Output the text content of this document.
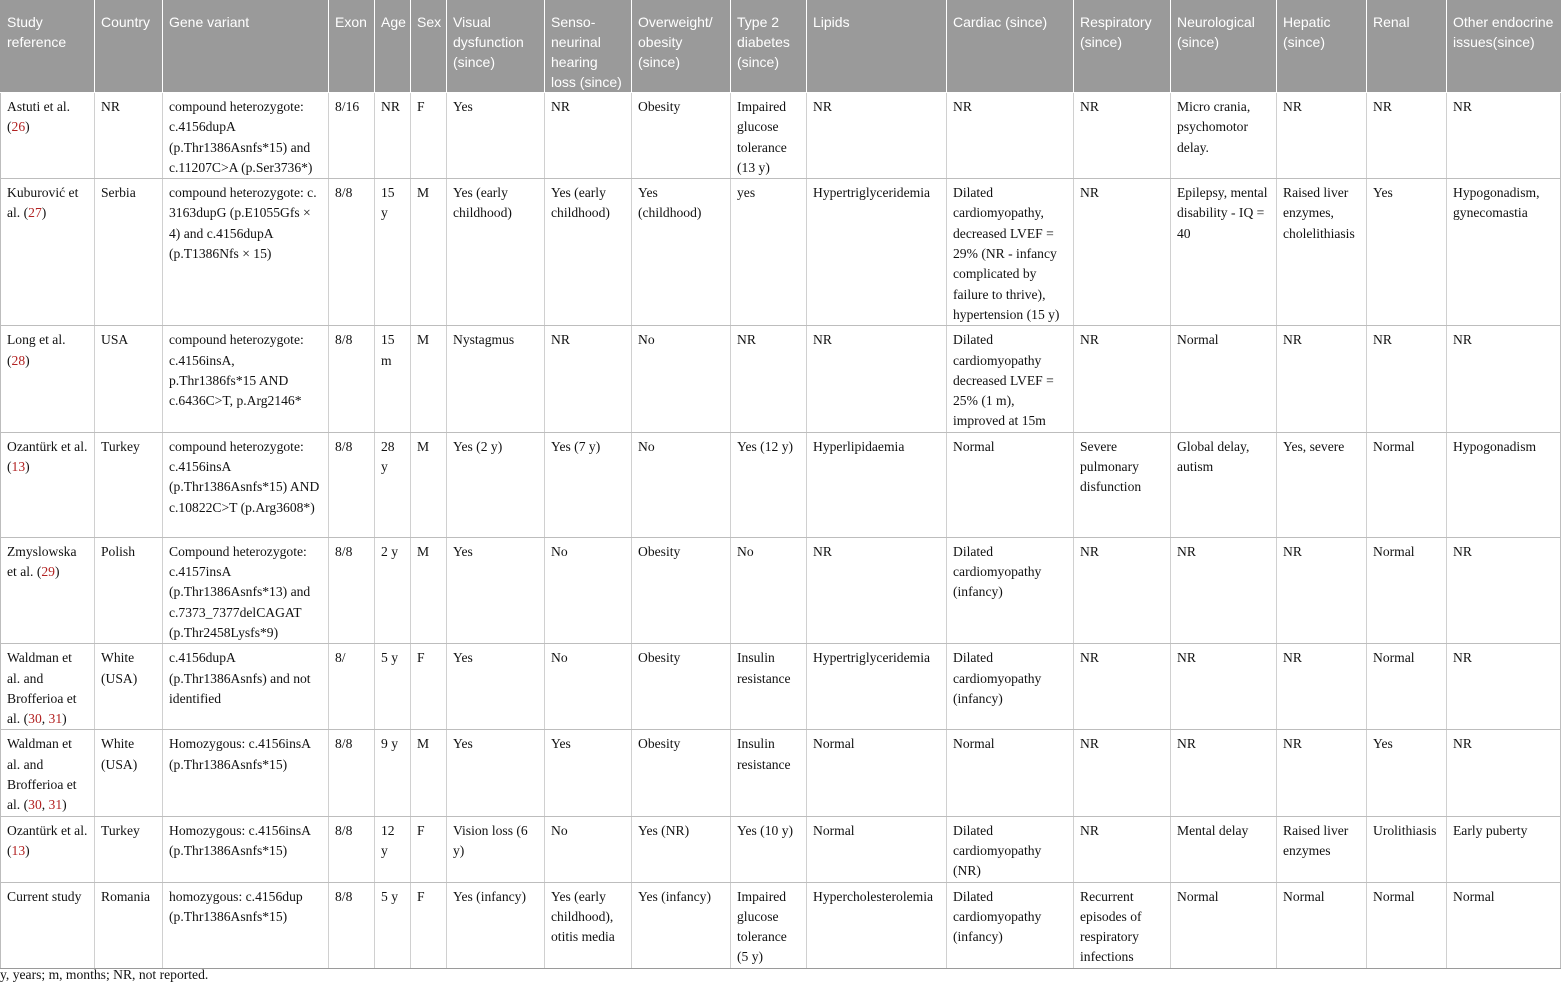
Study reference	Country	Gene variant	Exon	Age	Sex	Visual dysfunction (since)	Senso-neurinal hearing loss (since)	Overweight/ obesity (since)	Type 2 diabetes (since)	Lipids	Cardiac (since)	Respiratory (since)	Neurological (since)	Hepatic (since)	Renal	Other endocrine issues(since)
Astuti et al. (26)	NR	compound heterozygote: c.4156dupA (p.Thr1386Asnfs*15) and c.11207C>A (p.Ser3736*)	8/16	NR	F	Yes	NR	Obesity	Impaired glucose tolerance (13 y)	NR	NR	NR	Micro crania, psychomotor delay.	NR	NR	NR
Kuburović et al. (27)	Serbia	compound heterozygote: c. 3163dupG (p.E1055Gfs × 4) and c.4156dupA (p.T1386Nfs × 15)	8/8	15 y	M	Yes (early childhood)	Yes (early childhood)	Yes (childhood)	yes	Hypertriglyceridemia	Dilated cardiomyopathy, decreased LVEF = 29% (NR - infancy complicated by failure to thrive), hypertension (15 y)	NR	Epilepsy, mental disability - IQ = 40	Raised liver enzymes, cholelithiasis	Yes	Hypogonadism, gynecomastia
Long et al. (28)	USA	compound heterozygote: c.4156insA, p.Thr1386fs*15 AND c.6436C>T, p.Arg2146*	8/8	15m	M	Nystagmus	NR	No	NR	NR	Dilated cardiomyopathy decreased LVEF = 25% (1 m), improved at 15m	NR	Normal	NR	NR	NR
Ozantürk et al. (13)	Turkey	compound heterozygote: c.4156insA (p.Thr1386Asnfs*15) AND c.10822C>T (p.Arg3608*)	8/8	28 y	M	Yes (2 y)	Yes (7 y)	No	Yes (12 y)	Hyperlipidaemia	Normal	Severe pulmonary disfunction	Global delay, autism	Yes, severe	Normal	Hypogonadism
Zmyslowska et al. (29)	Polish	Compound heterozygote: c.4157insA (p.Thr1386Asnfs*13) and c.7373_7377delCAGAT (p.Thr2458Lysfs*9)	8/8	2 y	M	Yes	No	Obesity	No	NR	Dilated cardiomyopathy (infancy)	NR	NR	NR	Normal	NR
Waldman et al. and Brofferioa et al. (30, 31)	White (USA)	c.4156dupA (p.Thr1386Asnfs) and not identified	8/	5 y	F	Yes	No	Obesity	Insulin resistance	Hypertriglyceridemia	Dilated cardiomyopathy (infancy)	NR	NR	NR	Normal	NR
Waldman et al. and Brofferioa et al. (30, 31)	White (USA)	Homozygous: c.4156insA (p.Thr1386Asnfs*15)	8/8	9 y	M	Yes	Yes	Obesity	Insulin resistance	Normal	Normal	NR	NR	NR	Yes	NR
Ozantürk et al. (13)	Turkey	Homozygous: c.4156insA (p.Thr1386Asnfs*15)	8/8	12 y	F	Vision loss (6 y)	No	Yes (NR)	Yes (10 y)	Normal	Dilated cardiomyopathy (NR)	NR	Mental delay	Raised liver enzymes	Urolithiasis	Early puberty
Current study	Romania	homozygous: c.4156dup (p.Thr1386Asnfs*15)	8/8	5 y	F	Yes (infancy)	Yes (early childhood), otitis media	Yes (infancy)	Impaired glucose tolerance (5 y)	Hypercholesterolemia	Dilated cardiomyopathy (infancy)	Recurrent episodes of respiratory infections	Normal	Normal	Normal	Normal
y, years; m, months; NR, not reported.
